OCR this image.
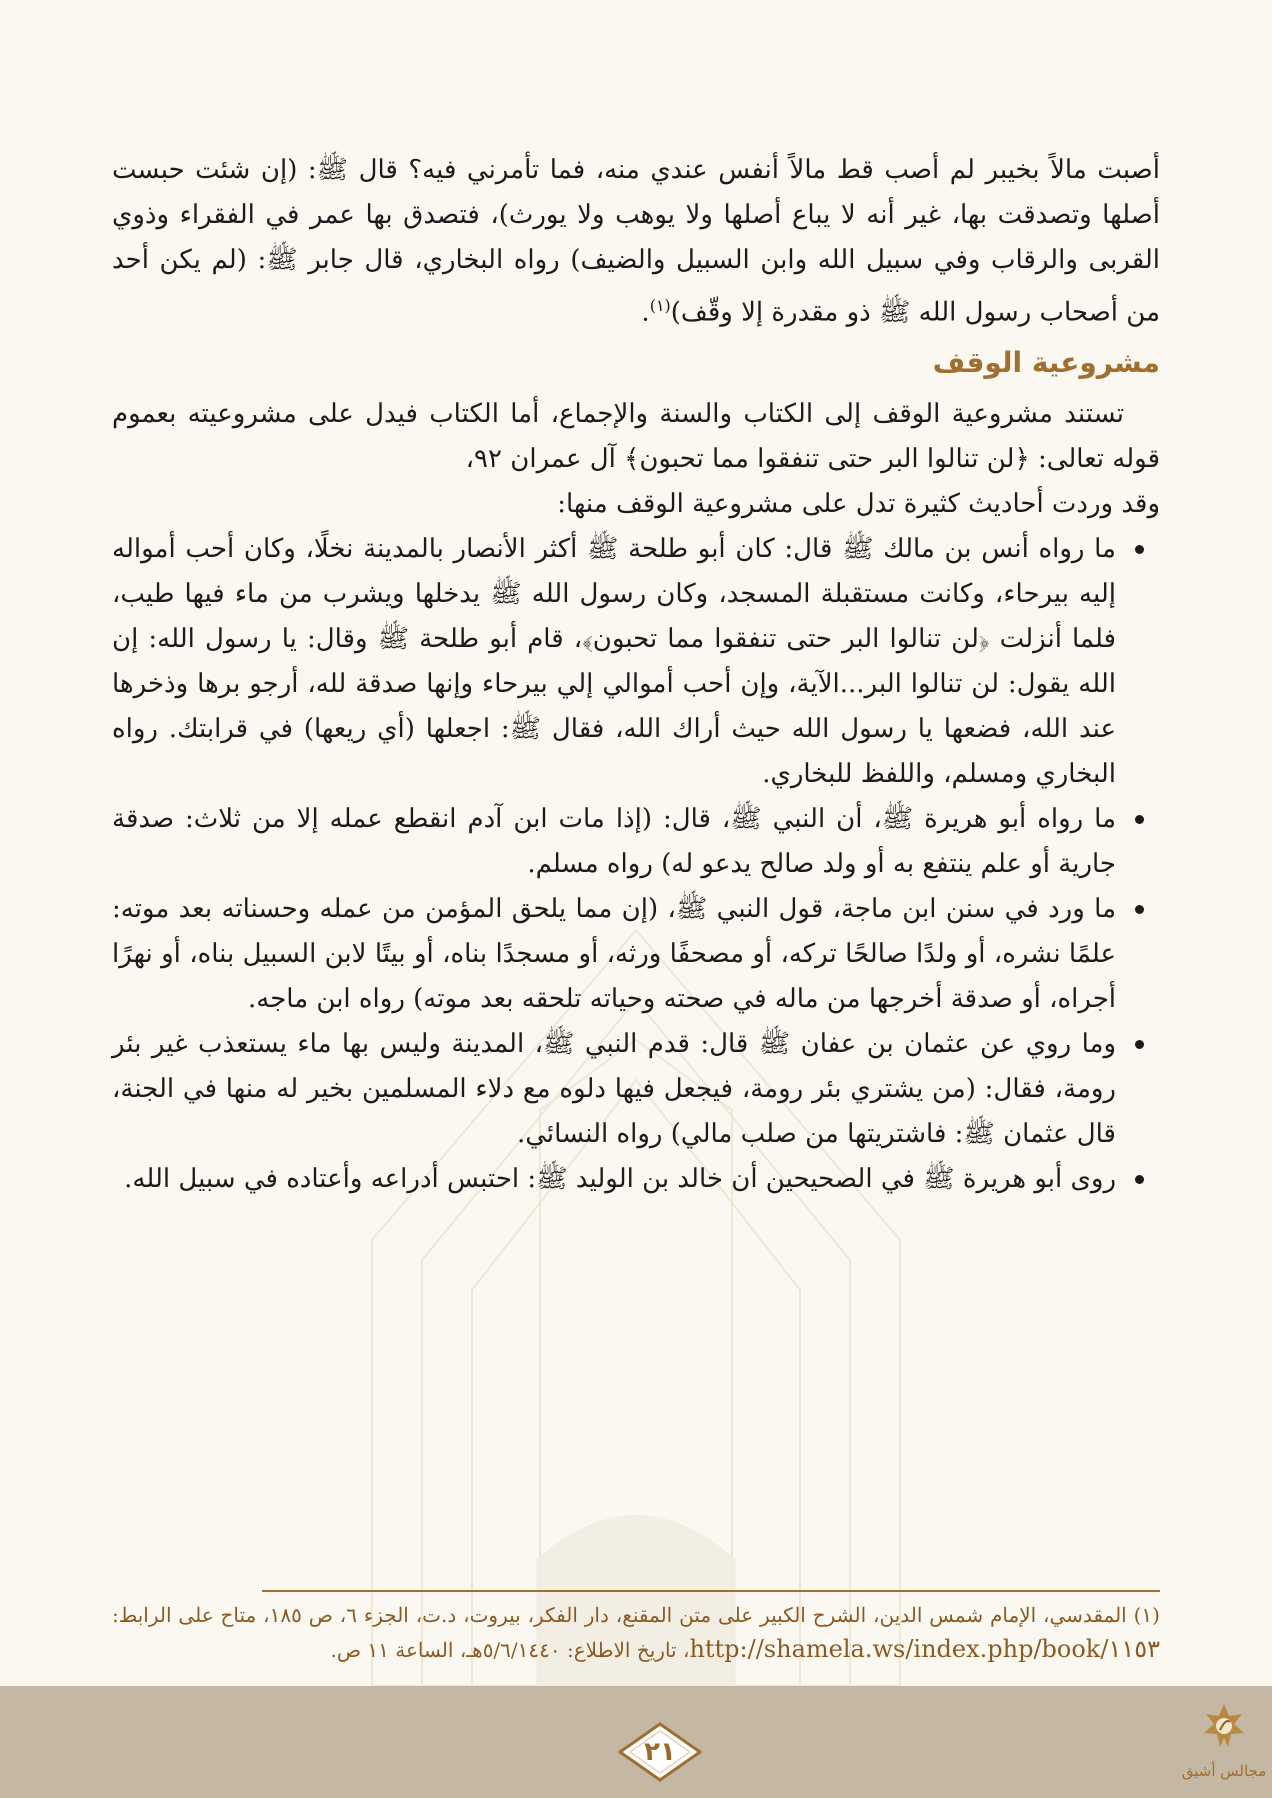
أصبت مالاً بخيبر لم أصب قط مالاً أنفس عندي منه، فما تأمرني فيه؟ قال ﷺ: (إن شئت حبست أصلها وتصدقت بها، غير أنه لا يباع أصلها ولا يوهب ولا يورث)، فتصدق بها عمر في الفقراء وذوي القربى والرقاب وفي سبيل الله وابن السبيل والضيف) رواه البخاري، قال جابر ﷺ: (لم يكن أحد من أصحاب رسول الله ﷺ ذو مقدرة إلا وقّف)$^{(١)}$.

مشروعية الوقف

تستند مشروعية الوقف إلى الكتاب والسنة والإجماع، أما الكتاب فيدل على مشروعيته بعموم قوله تعالى: ﴿لن تنالوا البر حتى تنفقوا مما تحبون﴾ آل عمران ٩٢،

وقد وردت أحاديث كثيرة تدل على مشروعية الوقف منها:

ما رواه أنس بن مالك ﷺ قال: كان أبو طلحة ﷺ أكثر الأنصار بالمدينة نخلًا، وكان أحب أمواله إليه بيرحاء، وكانت مستقبلة المسجد، وكان رسول الله ﷺ يدخلها ويشرب من ماء فيها طيب، فلما أنزلت ﴿لن تنالوا البر حتى تنفقوا مما تحبون﴾، قام أبو طلحة ﷺ وقال: يا رسول الله: إن الله يقول: لن تنالوا البر...الآية، وإن أحب أموالي إلي بيرحاء وإنها صدقة لله، أرجو برها وذخرها عند الله، فضعها يا رسول الله حيث أراك الله، فقال ﷺ: اجعلها (أي ريعها) في قرابتك. رواه البخاري ومسلم، واللفظ للبخاري.
ما رواه أبو هريرة ﷺ، أن النبي ﷺ، قال: (إذا مات ابن آدم انقطع عمله إلا من ثلاث: صدقة جارية أو علم ينتفع به أو ولد صالح يدعو له) رواه مسلم.
ما ورد في سنن ابن ماجة، قول النبي ﷺ، (إن مما يلحق المؤمن من عمله وحسناته بعد موته: علمًا نشره، أو ولدًا صالحًا تركه، أو مصحفًا ورثه، أو مسجدًا بناه، أو بيتًا لابن السبيل بناه، أو نهرًا أجراه، أو صدقة أخرجها من ماله في صحته وحياته تلحقه بعد موته) رواه ابن ماجه.
وما روي عن عثمان بن عفان ﷺ قال: قدم النبي ﷺ، المدينة وليس بها ماء يستعذب غير بئر رومة، فقال: (من يشتري بئر رومة، فيجعل فيها دلوه مع دلاء المسلمين بخير له منها في الجنة، قال عثمان ﷺ: فاشتريتها من صلب مالي) رواه النسائي.
روى أبو هريرة ﷺ في الصحيحين أن خالد بن الوليد ﷺ: احتبس أدراعه وأعتاده في سبيل الله.
(١) المقدسي، الإمام شمس الدين، الشرح الكبير على متن المقنع، دار الفكر، بيروت، د.ت، الجزء ٦، ص ١٨٥، متاح على الرابط: http://shamela.ws/index.php/book/١١٥٣، تاريخ الاطلاع: ٥/٦/١٤٤٠هـ، الساعة ١١ ص.
٢١
مجالس أشيق
